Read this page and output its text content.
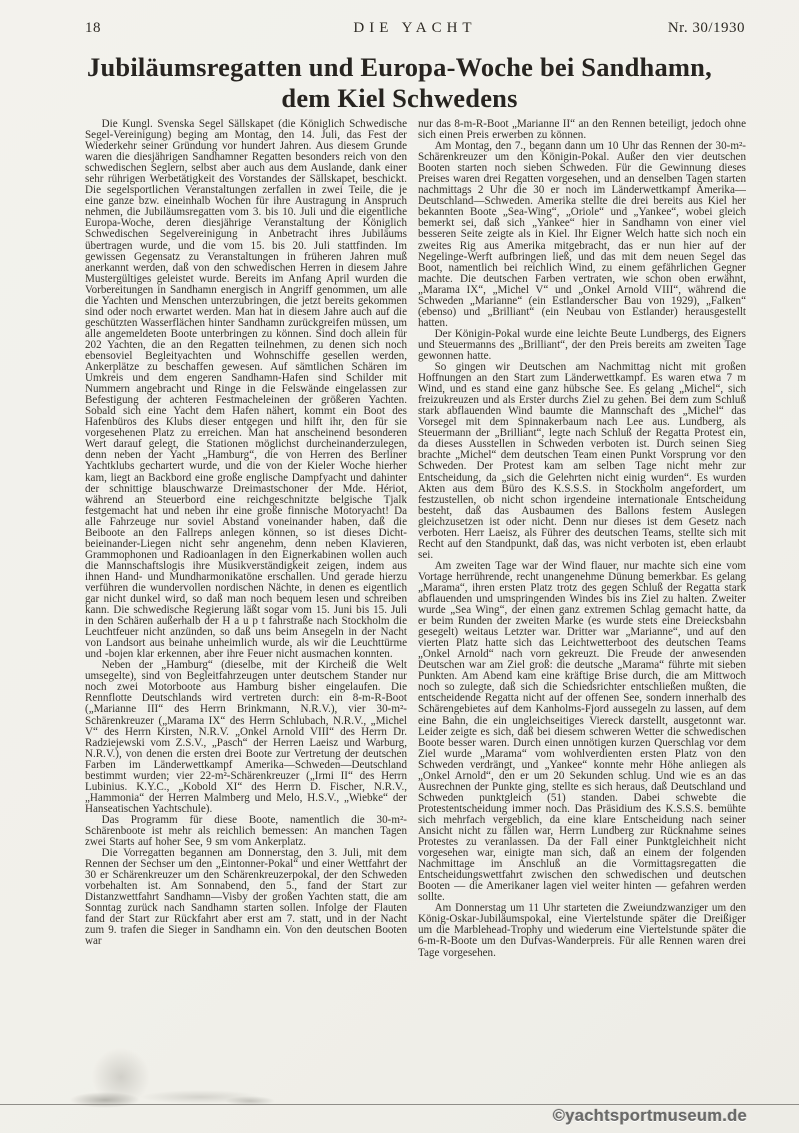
18	DIE YACHT	Nr. 30/1930
Jubiläumsregatten und Europa-Woche bei Sandhamn,
dem Kiel Schwedens

Die Kungl. Svenska Segel Sällskapet (die Königlich Schwedische Segel-Vereinigung) beging am Montag, den 14. Juli, das Fest der Wiederkehr seiner Gründung vor hundert Jahren. Aus diesem Grunde waren die diesjährigen Sandhamner Regatten besonders reich von den schwedischen Seglern, selbst aber auch aus dem Auslande, dank einer sehr rührigen Werbetätigkeit des Vorstandes der Sällskapet, beschickt. Die segelsportlichen Veranstaltungen zerfallen in zwei Teile, die je eine ganze bzw. eineinhalb Wochen für ihre Austragung in Anspruch nehmen, die Jubiläumsregatten vom 3. bis 10. Juli und die eigentliche Europa-Woche, deren diesjährige Veranstaltung der Königlich Schwedischen Segelvereinigung in Anbetracht ihres Jubiläums übertragen wurde, und die vom 15. bis 20. Juli stattfinden. Im gewissen Gegensatz zu Veranstaltungen in früheren Jahren muß anerkannt werden, daß von den schwedischen Herren in diesem Jahre Mustergültiges geleistet wurde. Bereits im Anfang April wurden die Vorbereitungen in Sandhamn energisch in Angriff genommen, um alle die Yachten und Menschen unterzubringen, die jetzt bereits gekommen sind oder noch erwartet werden. Man hat in diesem Jahre auch auf die geschützten Wasserflächen hinter Sandhamn zurückgreifen müssen, um alle angemeldeten Boote unterbringen zu können. Sind doch allein für 202 Yachten, die an den Regatten teilnehmen, zu denen sich noch ebensoviel Begleityachten und Wohnschiffe gesellen werden, Ankerplätze zu beschaffen gewesen. Auf sämtlichen Schären im Umkreis und dem engeren Sandhamn-Hafen sind Schilder mit Nummern angebracht und Ringe in die Felswände eingelassen zur Befestigung der achteren Festmacheleinen der größeren Yachten. Sobald sich eine Yacht dem Hafen nähert, kommt ein Boot des Hafenbüros des Klubs dieser entgegen und hilft ihr, den für sie vorgesehenen Platz zu erreichen. Man hat anscheinend besonderen Wert darauf gelegt, die Stationen möglichst durcheinanderzulegen, denn neben der Yacht „Hamburg“, die von Herren des Berliner Yachtklubs gechartert wurde, und die von der Kieler Woche hierher kam, liegt an Backbord eine große englische Dampfyacht und dahinter der schnittige blauschwarze Dreimastschoner der Mde. Hériot, während an Steuerbord eine reichgeschnitzte belgische Tjalk festgemacht hat und neben ihr eine große finnische Motoryacht! Da alle Fahrzeuge nur soviel Abstand voneinander haben, daß die Beiboote an den Fallreps anlegen können, so ist dieses Dicht-beieinander-Liegen nicht sehr angenehm, denn neben Klavieren, Grammophonen und Radioanlagen in den Eignerkabinen wollen auch die Mannschaftslogis ihre Musikverständigkeit zeigen, indem aus ihnen Hand- und Mundharmonikatöne erschallen. Und gerade hierzu verführen die wundervollen nordischen Nächte, in denen es eigentlich gar nicht dunkel wird, so daß man noch bequem lesen und schreiben kann. Die schwedische Regierung läßt sogar vom 15. Juni bis 15. Juli in den Schären außerhalb der H a u p t fahrstraße nach Stockholm die Leuchtfeuer nicht anzünden, so daß uns beim Ansegeln in der Nacht von Landsort aus beinahe unheimlich wurde, als wir die Leuchttürme und -bojen klar erkennen, aber ihre Feuer nicht ausmachen konnten.

Neben der „Hamburg“ (dieselbe, mit der Kircheiß die Welt umsegelte), sind von Begleitfahrzeugen unter deutschem Stander nur noch zwei Motorboote aus Hamburg bisher eingelaufen. Die Rennflotte Deutschlands wird vertreten durch: ein 8-m-R-Boot („Marianne III“ des Herrn Brinkmann, N.R.V.), vier 30-m²-Schärenkreuzer („Marama IX“ des Herrn Schlubach, N.R.V., „Michel V“ des Herrn Kirsten, N.R.V. „Onkel Arnold VIII“ des Herrn Dr. Radziejewski vom Z.S.V., „Pasch“ der Herren Laeisz und Warburg, N.R.V.), von denen die ersten drei Boote zur Vertretung der deutschen Farben im Länderwettkampf Amerika—Schweden—Deutschland bestimmt wurden; vier 22-m²-Schärenkreuzer („Irmi II“ des Herrn Lubinius. K.Y.C., „Kobold XI“ des Herrn D. Fischer, N.R.V., „Hammonia“ der Herren Malmberg und Melo, H.S.V., „Wiebke“ der Hanseatischen Yachtschule).

Das Programm für diese Boote, namentlich die 30-m²-Schärenboote ist mehr als reichlich bemessen: An manchen Tagen zwei Starts auf hoher See, 9 sm vom Ankerplatz.

Die Vorregatten begannen am Donnerstag, den 3. Juli, mit dem Rennen der Sechser um den „Eintonner-Pokal“ und einer Wettfahrt der 30 er Schärenkreuzer um den Schärenkreuzerpokal, der den Schweden vorbehalten ist. Am Sonnabend, den 5., fand der Start zur Distanzwettfahrt Sandhamn—Visby der großen Yachten statt, die am Sonntag zurück nach Sandhamn starten sollen. Infolge der Flauten fand der Start zur Rückfahrt aber erst am 7. statt, und in der Nacht zum 9. trafen die Sieger in Sandhamn ein. Von den deutschen Booten war

nur das 8-m-R-Boot „Marianne II“ an den Rennen beteiligt, jedoch ohne sich einen Preis erwerben zu können.

Am Montag, den 7., begann dann um 10 Uhr das Rennen der 30-m²-Schärenkreuzer um den Königin-Pokal. Außer den vier deutschen Booten starten noch sieben Schweden. Für die Gewinnung dieses Preises waren drei Regatten vorgesehen, und an denselben Tagen starten nachmittags 2 Uhr die 30 er noch im Länderwettkampf Amerika—Deutschland—Schweden. Amerika stellte die drei bereits aus Kiel her bekannten Boote „Sea-Wing“, „Oriole“ und „Yankee“, wobei gleich bemerkt sei, daß sich „Yankee“ hier in Sandhamn von einer viel besseren Seite zeigte als in Kiel. Ihr Eigner Welch hatte sich noch ein zweites Rig aus Amerika mitgebracht, das er nun hier auf der Negelinge-Werft aufbringen ließ, und das mit dem neuen Segel das Boot, namentlich bei reichlich Wind, zu einem gefährlichen Gegner machte. Die deutschen Farben vertraten, wie schon oben erwähnt, „Marama IX“, „Michel V“ und „Onkel Arnold VIII“, während die Schweden „Marianne“ (ein Estlanderscher Bau von 1929), „Falken“ (ebenso) und „Brilliant“ (ein Neubau von Estlander) herausgestellt hatten.

Der Königin-Pokal wurde eine leichte Beute Lundbergs, des Eigners und Steuermanns des „Brilliant“, der den Preis bereits am zweiten Tage gewonnen hatte.

So gingen wir Deutschen am Nachmittag nicht mit großen Hoffnungen an den Start zum Länderwettkampf. Es waren etwa 7 m Wind, und es stand eine ganz hübsche See. Es gelang „Michel“, sich freizukreuzen und als Erster durchs Ziel zu gehen. Bei dem zum Schluß stark abflauenden Wind baumte die Mannschaft des „Michel“ das Vorsegel mit dem Spinnakerbaum nach Lee aus. Lundberg, als Steuermann der „Brilliant“, legte nach Schluß der Regatta Protest ein, da dieses Ausstellen in Schweden verboten ist. Durch seinen Sieg brachte „Michel“ dem deutschen Team einen Punkt Vorsprung vor den Schweden. Der Protest kam am selben Tage nicht mehr zur Entscheidung, da „sich die Gelehrten nicht einig wurden“. Es wurden Akten aus dem Büro des K.S.S.S. in Stockholm angefordert, um festzustellen, ob nicht schon irgendeine internationale Entscheidung besteht, daß das Ausbaumen des Ballons festem Auslegen gleichzusetzen ist oder nicht. Denn nur dieses ist dem Gesetz nach verboten. Herr Laeisz, als Führer des deutschen Teams, stellte sich mit Recht auf den Standpunkt, daß das, was nicht verboten ist, eben erlaubt sei.

Am zweiten Tage war der Wind flauer, nur machte sich eine vom Vortage herrührende, recht unangenehme Dünung bemerkbar. Es gelang „Marama“, ihren ersten Platz trotz des gegen Schluß der Regatta stark abflauenden und umspringenden Windes bis ins Ziel zu halten. Zweiter wurde „Sea Wing“, der einen ganz extremen Schlag gemacht hatte, da er beim Runden der zweiten Marke (es wurde stets eine Dreiecksbahn gesegelt) weitaus Letzter war. Dritter war „Marianne“, und auf den vierten Platz hatte sich das Leichtwetterboot des deutschen Teams „Onkel Arnold“ nach vorn gekreuzt. Die Freude der anwesenden Deutschen war am Ziel groß: die deutsche „Marama“ führte mit sieben Punkten. Am Abend kam eine kräftige Brise durch, die am Mittwoch noch so zulegte, daß sich die Schiedsrichter entschließen mußten, die entscheidende Regatta nicht auf der offenen See, sondern innerhalb des Schärengebietes auf dem Kanholms-Fjord aussegeln zu lassen, auf dem eine Bahn, die ein ungleichseitiges Viereck darstellt, ausgetonnt war. Leider zeigte es sich, daß bei diesem schweren Wetter die schwedischen Boote besser waren. Durch einen unnötigen kurzen Querschlag vor dem Ziel wurde „Marama“ vom wohlverdienten ersten Platz von den Schweden verdrängt, und „Yankee“ konnte mehr Höhe anliegen als „Onkel Arnold“, den er um 20 Sekunden schlug. Und wie es an das Ausrechnen der Punkte ging, stellte es sich heraus, daß Deutschland und Schweden punktgleich (51) standen. Dabei schwebte die Protestentscheidung immer noch. Das Präsidium des K.S.S.S. bemühte sich mehrfach vergeblich, da eine klare Entscheidung nach seiner Ansicht nicht zu fällen war, Herrn Lundberg zur Rücknahme seines Protestes zu veranlassen. Da der Fall einer Punktgleichheit nicht vorgesehen war, einigte man sich, daß an einem der folgenden Nachmittage im Anschluß an die Vormittagsregatten die Entscheidungswettfahrt zwischen den schwedischen und deutschen Booten — die Amerikaner lagen viel weiter hinten — gefahren werden sollte.

Am Donnerstag um 11 Uhr starteten die Zweiundzwanziger um den König-Oskar-Jubiläumspokal, eine Viertelstunde später die Dreißiger um die Marblehead-Trophy und wiederum eine Viertelstunde später die 6-m-R-Boote um den Dufvas-Wanderpreis. Für alle Rennen waren drei Tage vorgesehen.

©yachtsportmuseum.de
